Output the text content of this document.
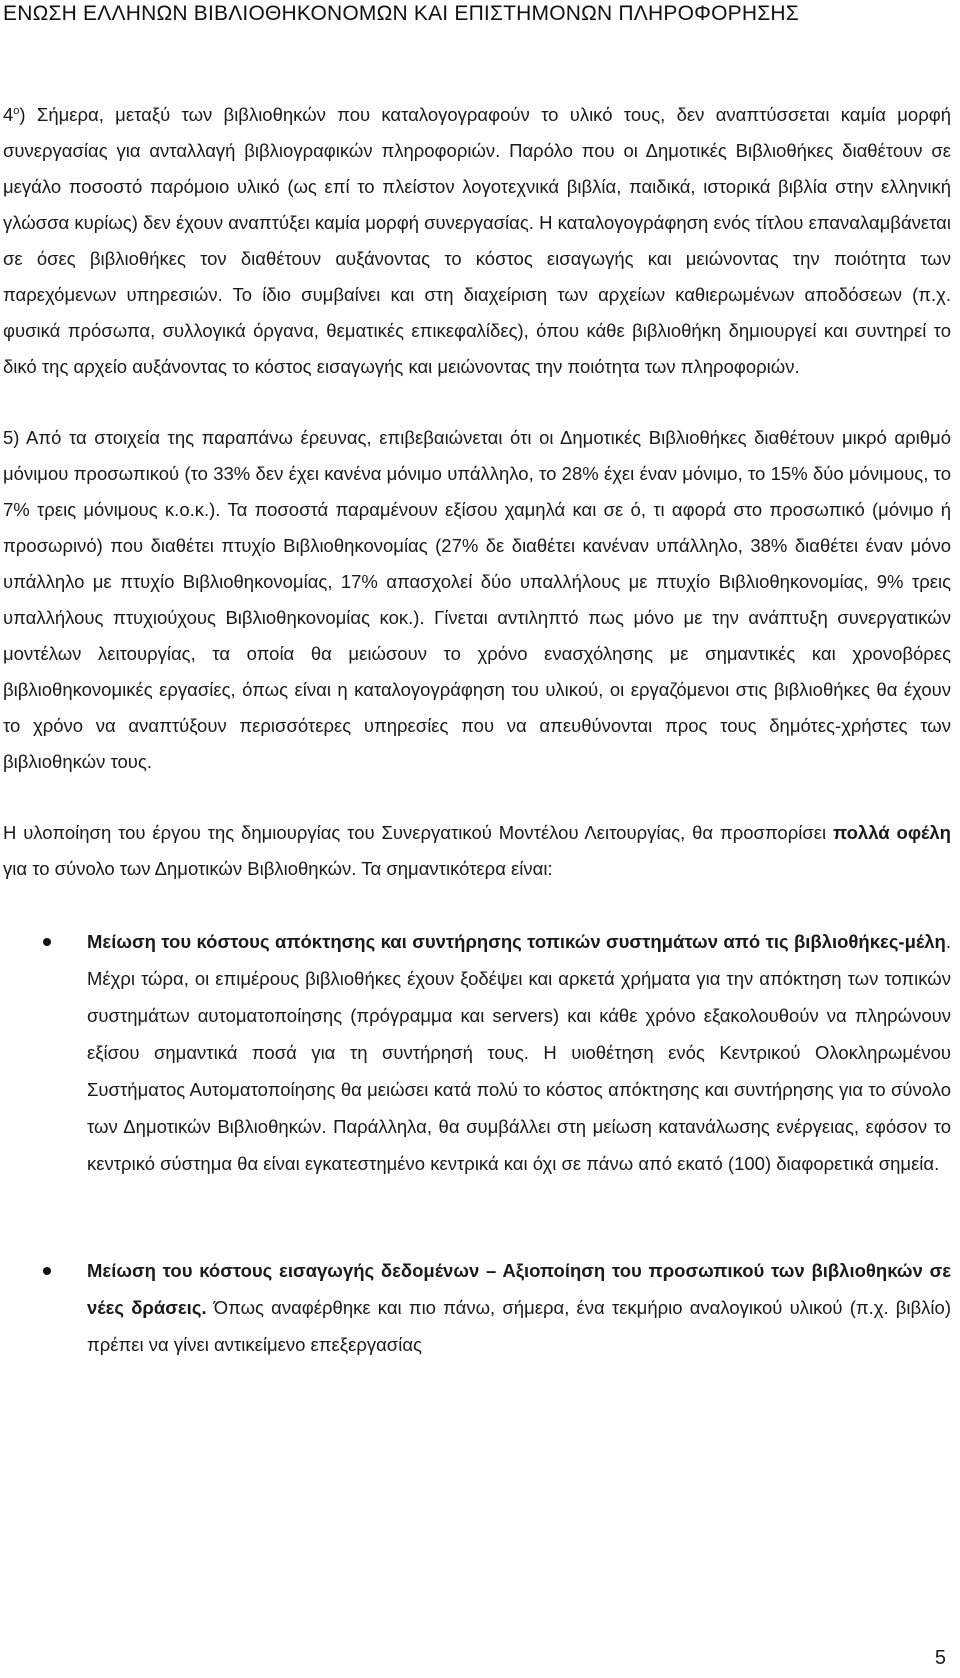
ΕΝΩΣΗ ΕΛΛΗΝΩΝ ΒΙΒΛΙΟΘΗΚΟΝΟΜΩΝ ΚΑΙ ΕΠΙΣΤΗΜΟΝΩΝ ΠΛΗΡΟΦΟΡΗΣΗΣ

$4^o$) Σήμερα, μεταξύ των βιβλιοθηκών που καταλογογραφούν το υλικό τους, δεν αναπτύσσεται καμία μορφή συνεργασίας για ανταλλαγή βιβλιογραφικών πληροφοριών. Παρόλο που οι Δημοτικές Βιβλιοθήκες διαθέτουν σε μεγάλο ποσοστό παρόμοιο υλικό (ως επί το πλείστον λογοτεχνικά βιβλία, παιδικά, ιστορικά βιβλία στην ελληνική γλώσσα κυρίως) δεν έχουν αναπτύξει καμία μορφή συνεργασίας. Η καταλογογράφηση ενός τίτλου επαναλαμβάνεται σε όσες βιβλιοθήκες τον διαθέτουν αυξάνοντας το κόστος εισαγωγής και μειώνοντας την ποιότητα των παρεχόμενων υπηρεσιών. Το ίδιο συμβαίνει και στη διαχείριση των αρχείων καθιερωμένων αποδόσεων (π.χ. φυσικά πρόσωπα, συλλογικά όργανα, θεματικές επικεφαλίδες), όπου κάθε βιβλιοθήκη δημιουργεί και συντηρεί το δικό της αρχείο αυξάνοντας το κόστος εισαγωγής και μειώνοντας την ποιότητα των πληροφοριών.

5) Από τα στοιχεία της παραπάνω έρευνας, επιβεβαιώνεται ότι οι Δημοτικές Βιβλιοθήκες διαθέτουν μικρό αριθμό μόνιμου προσωπικού (το 33% δεν έχει κανένα μόνιμο υπάλληλο, το 28% έχει έναν μόνιμο, το 15% δύο μόνιμους, το 7% τρεις μόνιμους κ.ο.κ.). Τα ποσοστά παραμένουν εξίσου χαμηλά και σε ό, τι αφορά στο προσωπικό (μόνιμο ή προσωρινό) που διαθέτει πτυχίο Βιβλιοθηκονομίας (27% δε διαθέτει κανέναν υπάλληλο, 38% διαθέτει έναν μόνο υπάλληλο με πτυχίο Βιβλιοθηκονομίας, 17% απασχολεί δύο υπαλλήλους με πτυχίο Βιβλιοθηκονομίας, 9% τρεις υπαλλήλους πτυχιούχους Βιβλιοθηκονομίας κοκ.). Γίνεται αντιληπτό πως μόνο με την ανάπτυξη συνεργατικών μοντέλων λειτουργίας, τα οποία θα μειώσουν το χρόνο ενασχόλησης με σημαντικές και χρονοβόρες βιβλιοθηκονομικές εργασίες, όπως είναι η καταλογογράφηση του υλικού, οι εργαζόμενοι στις βιβλιοθήκες θα έχουν το χρόνο να αναπτύξουν περισσότερες υπηρεσίες που να απευθύνονται προς τους δημότες-χρήστες των βιβλιοθηκών τους.

Η υλοποίηση του έργου της δημιουργίας του Συνεργατικού Μοντέλου Λειτουργίας, θα προσπορίσει πολλά οφέλη για το σύνολο των Δημοτικών Βιβλιοθηκών. Τα σημαντικότερα είναι:

Μείωση του κόστους απόκτησης και συντήρησης τοπικών συστημάτων από τις βιβλιοθήκες-μέλη. Μέχρι τώρα, οι επιμέρους βιβλιοθήκες έχουν ξοδέψει και αρκετά χρήματα για την απόκτηση των τοπικών συστημάτων αυτοματοποίησης (πρόγραμμα και servers) και κάθε χρόνο εξακολουθούν να πληρώνουν εξίσου σημαντικά ποσά για τη συντήρησή τους. Η υιοθέτηση ενός Κεντρικού Ολοκληρωμένου Συστήματος Αυτοματοποίησης θα μειώσει κατά πολύ το κόστος απόκτησης και συντήρησης για το σύνολο των Δημοτικών Βιβλιοθηκών. Παράλληλα, θα συμβάλλει στη μείωση κατανάλωσης ενέργειας, εφόσον το κεντρικό σύστημα θα είναι εγκατεστημένο κεντρικά και όχι σε πάνω από εκατό (100) διαφορετικά σημεία.
Μείωση του κόστους εισαγωγής δεδομένων – Αξιοποίηση του προσωπικού των βιβλιοθηκών σε νέες δράσεις. Όπως αναφέρθηκε και πιο πάνω, σήμερα, ένα τεκμήριο αναλογικού υλικού (π.χ. βιβλίο) πρέπει να γίνει αντικείμενο επεξεργασίας
5
